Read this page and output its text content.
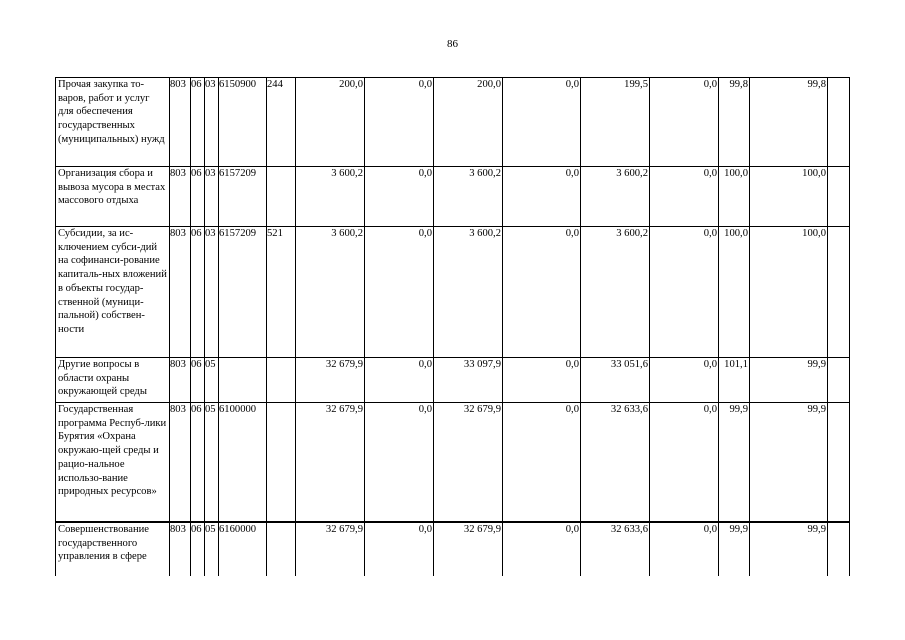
86
Прочая закупка то-варов, работ и услуг для обеспечения государственных (муниципальных) нужд	803	06	03	6150900	244	200,0	0,0	200,0	0,0	199,5	0,0	99,8	99,8	
Организация сбора и вывоза мусора в местах массового отдыха	803	06	03	6157209		3 600,2	0,0	3 600,2	0,0	3 600,2	0,0	100,0	100,0	
Субсидии, за ис-ключением субси-дий на софинанси-рование капиталь-ных вложений в объекты государ-ственной (муници-пальной) собствен-ности	803	06	03	6157209	521	3 600,2	0,0	3 600,2	0,0	3 600,2	0,0	100,0	100,0	
Другие вопросы в области охраны окружающей среды	803	06	05			32 679,9	0,0	33 097,9	0,0	33 051,6	0,0	101,1	99,9	
Государственная программа Респуб-лики Бурятия «Охрана окружаю-щей среды и рацио-нальное использо-вание природных ресурсов»	803	06	05	6100000		32 679,9	0,0	32 679,9	0,0	32 633,6	0,0	99,9	99,9	
Совершенствование государственного управления в сфере	803	06	05	6160000		32 679,9	0,0	32 679,9	0,0	32 633,6	0,0	99,9	99,9	
